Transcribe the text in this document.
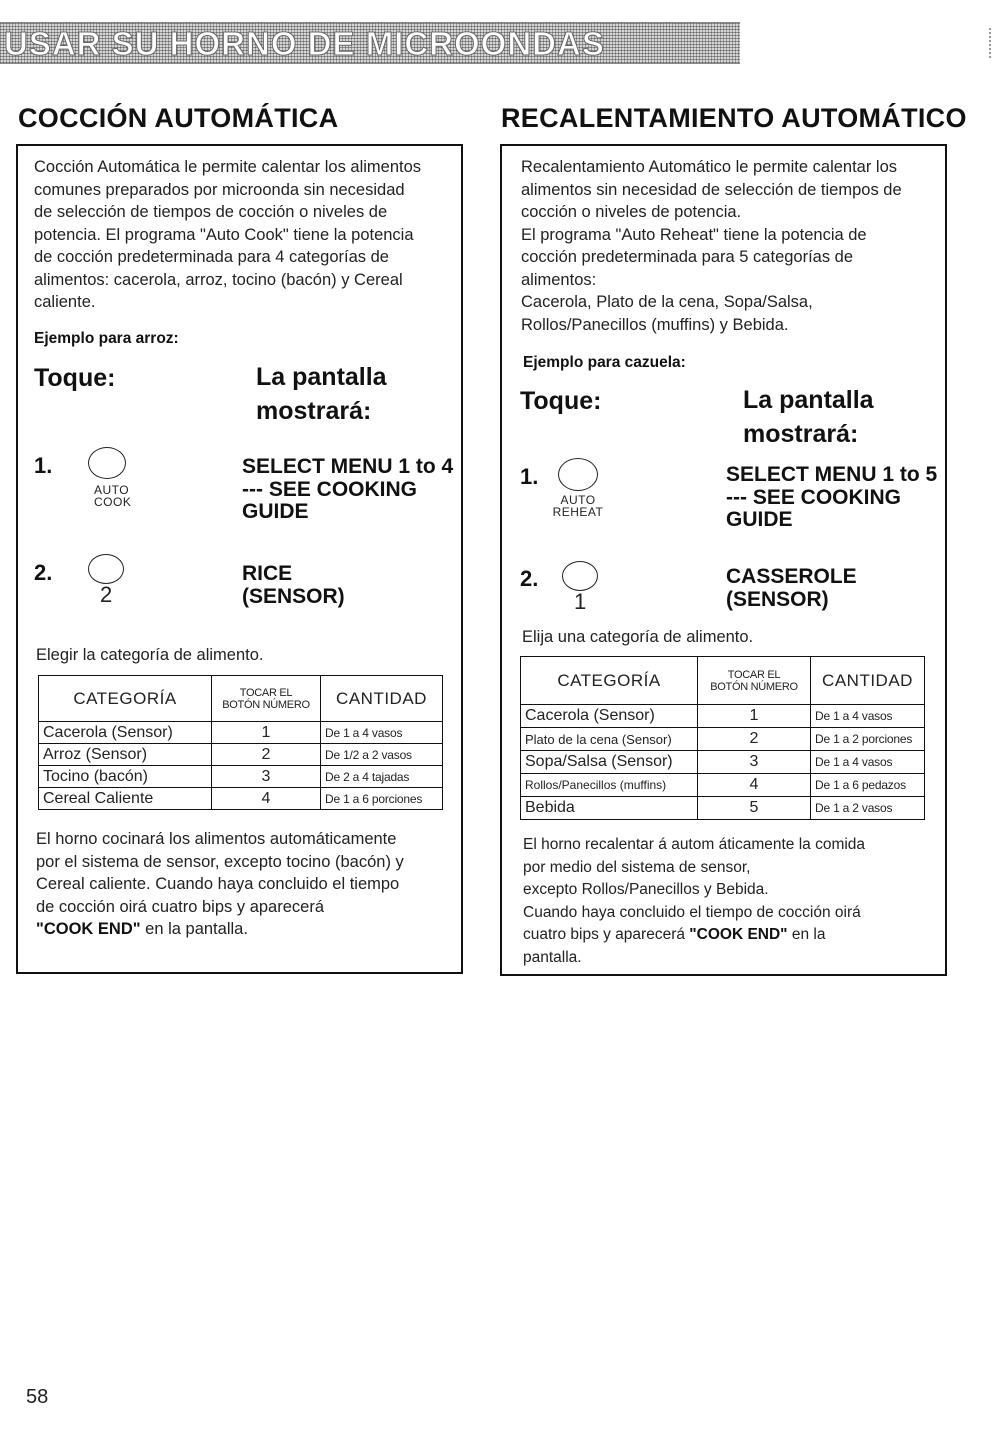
USAR SU HORNO DE MICROONDAS
COCCIÓN AUTOMÁTICA
Cocción Automática le permite calentar los alimentos
comunes preparados por microonda sin necesidad
de selección de tiempos de cocción o niveles de
potencia. El programa "Auto Cook" tiene la potencia
de cocción predeterminada para 4 categorías de
alimentos: cacerola, arroz, tocino (bacón) y Cereal
caliente.
Ejemplo para arroz:
Toque:	La pantalla
mostrará:
1.
AUTO
COOK
SELECT MENU 1 to 4
--- SEE COOKING
GUIDE
2.
2
RICE
(SENSOR)
Elegir la categoría de alimento.
CATEGORÍA	TOCAR EL
BOTÓN NÚMERO	CANTIDAD
Cacerola (Sensor)	1	De 1 a 4 vasos
Arroz (Sensor)	2	De 1/2 a 2 vasos
Tocino (bacón)	3	De 2 a 4 tajadas
Cereal Caliente	4	De 1 a 6 porciones
El horno cocinará los alimentos automáticamente
por el sistema de sensor, excepto tocino (bacón) y
Cereal caliente. Cuando haya concluido el tiempo
de cocción oirá cuatro bips y aparecerá
"COOK END" en la pantalla.
RECALENTAMIENTO AUTOMÁTICO
Recalentamiento Automático le permite calentar los
alimentos sin necesidad de selección de tiempos de
cocción o niveles de potencia.
El programa "Auto Reheat" tiene la potencia de
cocción predeterminada para 5 categorías de
alimentos:
Cacerola, Plato de la cena, Sopa/Salsa,
Rollos/Panecillos (muffins) y Bebida.
Ejemplo para cazuela:
Toque:	La pantalla
mostrará:
1.
AUTO
REHEAT
SELECT MENU 1 to 5
--- SEE COOKING
GUIDE
2.
1
CASSEROLE
(SENSOR)
Elija una categoría de alimento.
CATEGORÍA	TOCAR EL
BOTÓN NÚMERO	CANTIDAD
Cacerola (Sensor)	1	De 1 a 4 vasos
Plato de la cena (Sensor)	2	De 1 a 2 porciones
Sopa/Salsa (Sensor)	3	De 1 a 4 vasos
Rollos/Panecillos (muffins)	4	De 1 a 6 pedazos
Bebida	5	De 1 a 2 vasos
El horno recalentar á autom áticamente la comida
por medio del sistema de sensor,
excepto Rollos/Panecillos y Bebida.
Cuando haya concluido el tiempo de cocción oirá
cuatro bips y aparecerá "COOK END" en la
pantalla.
58
